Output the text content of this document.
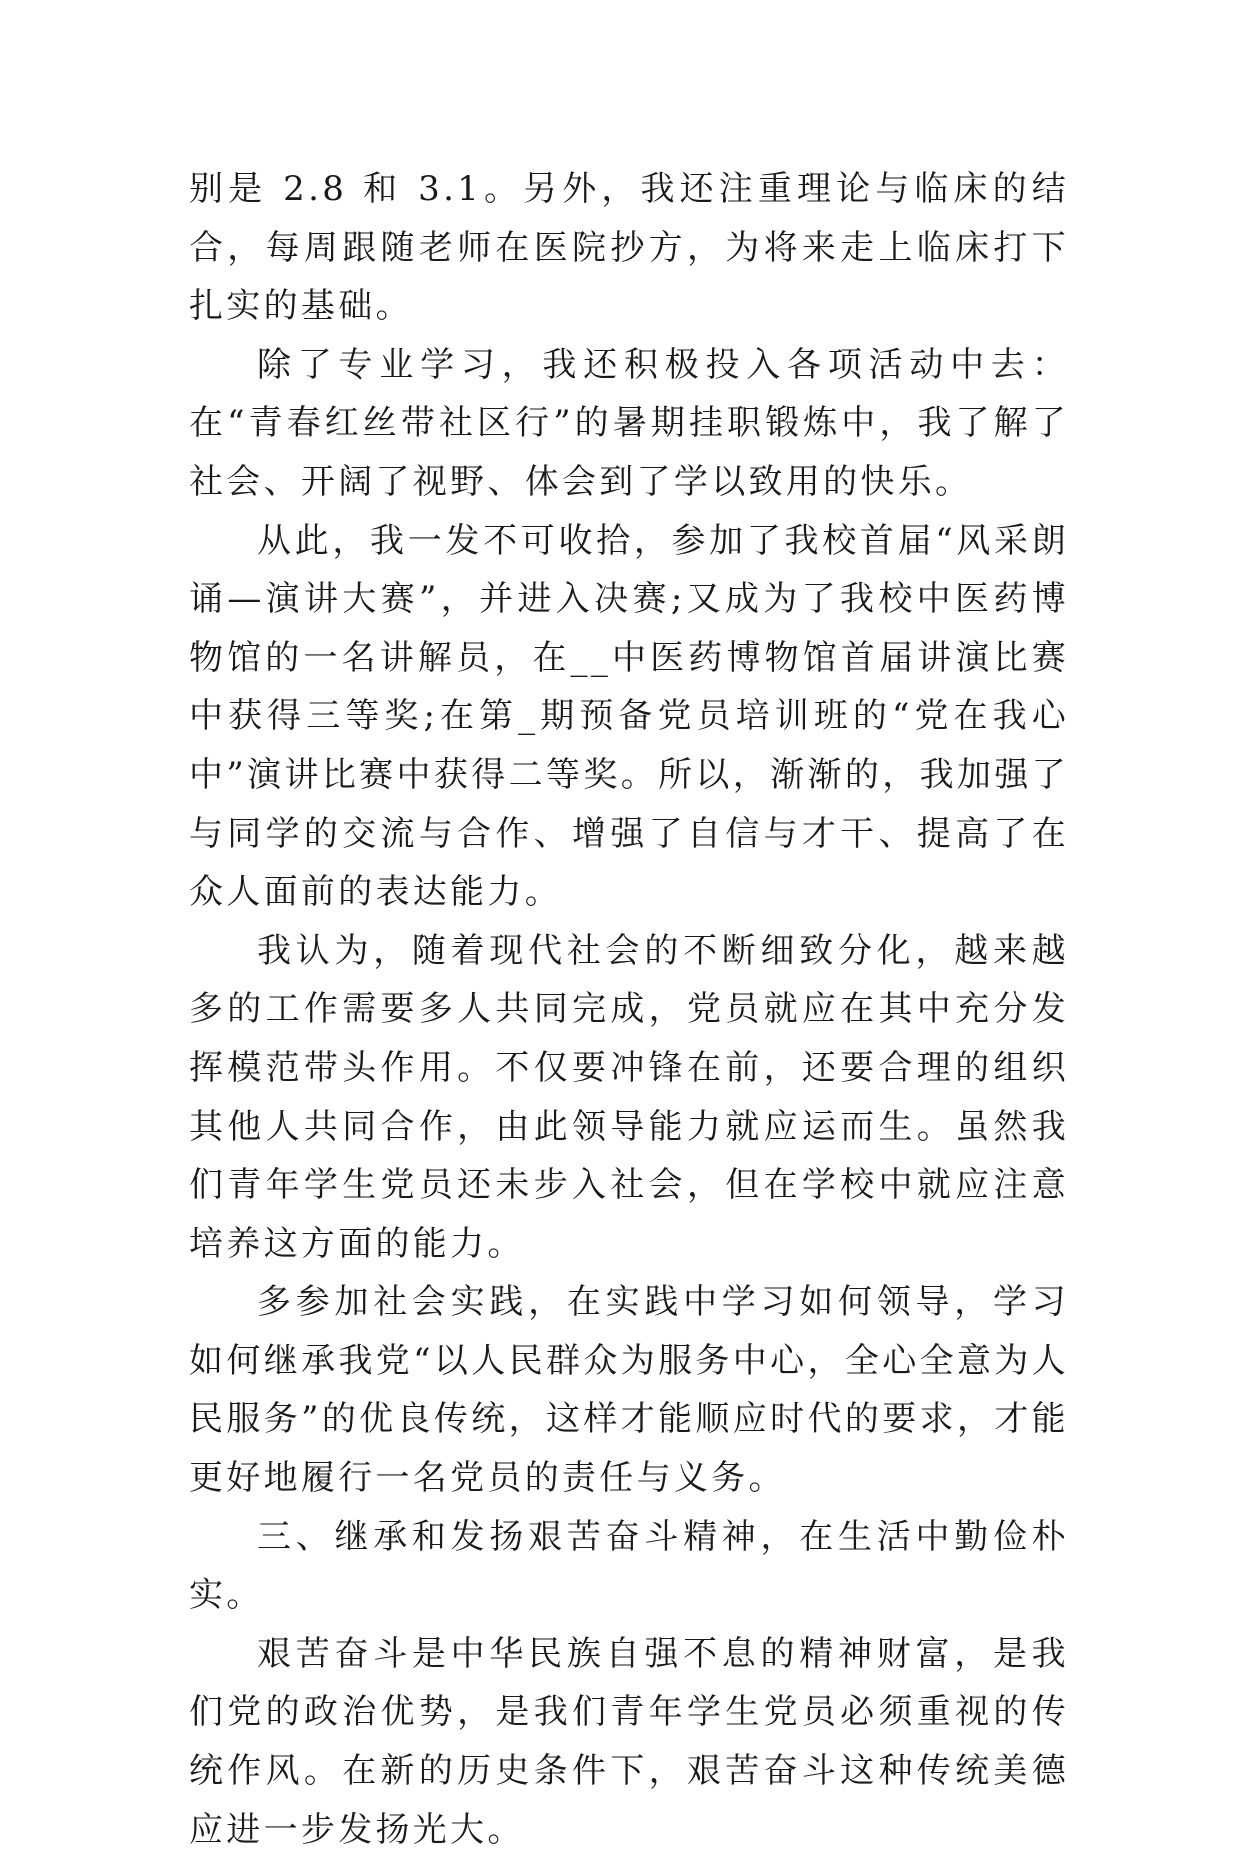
别是 2.8 和 3.1。另外，我还注重理论与临床的结合，每周跟随老师在医院抄方，为将来走上临床打下扎实的基础。

除了专业学习，我还积极投入各项活动中去：在“青春红丝带社区行”的暑期挂职锻炼中，我了解了社会、开阔了视野、体会到了学以致用的快乐。

从此，我一发不可收拾，参加了我校首届“风采朗诵—演讲大赛”，并进入决赛;又成为了我校中医药博物馆的一名讲解员，在__中医药博物馆首届讲演比赛中获得三等奖;在第_期预备党员培训班的“党在我心中”演讲比赛中获得二等奖。所以，渐渐的，我加强了与同学的交流与合作、增强了自信与才干、提高了在众人面前的表达能力。

我认为，随着现代社会的不断细致分化，越来越多的工作需要多人共同完成，党员就应在其中充分发挥模范带头作用。不仅要冲锋在前，还要合理的组织其他人共同合作，由此领导能力就应运而生。虽然我们青年学生党员还未步入社会，但在学校中就应注意培养这方面的能力。

多参加社会实践，在实践中学习如何领导，学习如何继承我党“以人民群众为服务中心，全心全意为人民服务”的优良传统，这样才能顺应时代的要求，才能更好地履行一名党员的责任与义务。

三、继承和发扬艰苦奋斗精神，在生活中勤俭朴实。

艰苦奋斗是中华民族自强不息的精神财富，是我们党的政治优势，是我们青年学生党员必须重视的传统作风。在新的历史条件下，艰苦奋斗这种传统美德应进一步发扬光大。
